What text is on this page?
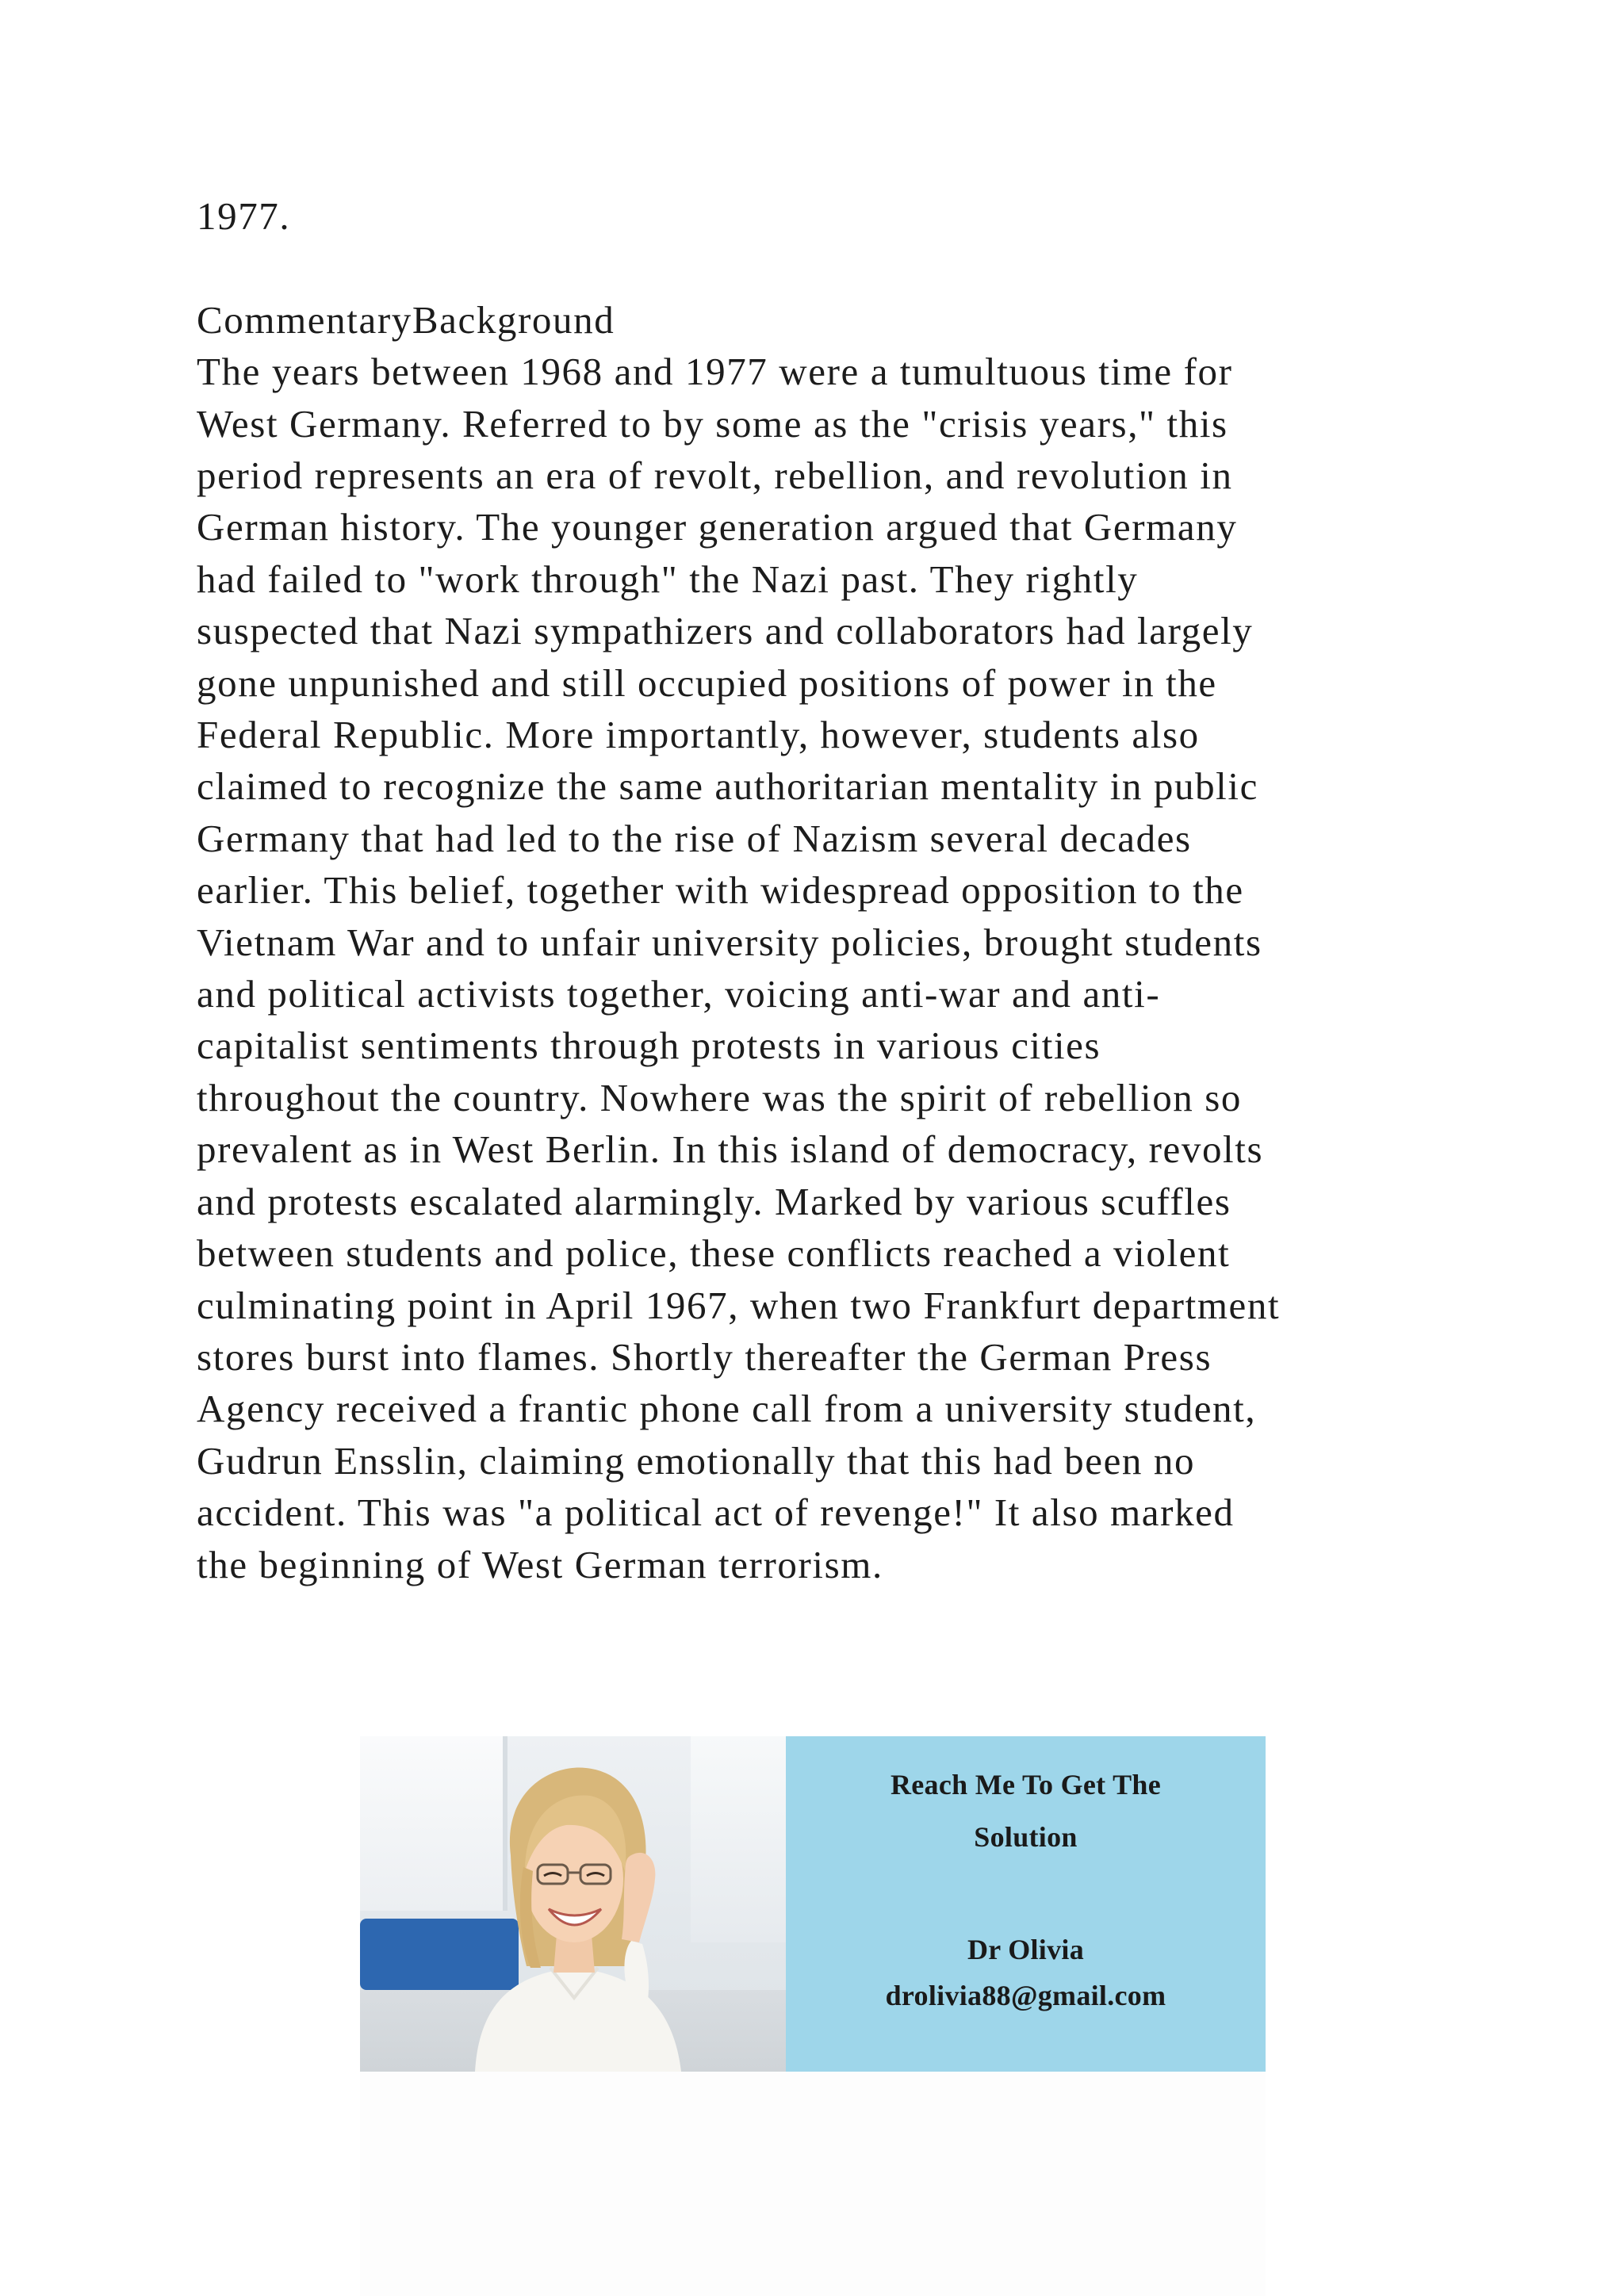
1977.
CommentaryBackground
The years between 1968 and 1977 were a tumultuous time for
West Germany. Referred to by some as the "crisis years," this
period represents an era of revolt, rebellion, and revolution in
German history. The younger generation argued that Germany
had failed to "work through" the Nazi past. They rightly
suspected that Nazi sympathizers and collaborators had largely
gone unpunished and still occupied positions of power in the
Federal Republic. More importantly, however, students also
claimed to recognize the same authoritarian mentality in public
Germany that had led to the rise of Nazism several decades
earlier. This belief, together with widespread opposition to the
Vietnam War and to unfair university policies, brought students
and political activists together, voicing anti-war and anti-
capitalist sentiments through protests in various cities
throughout the country. Nowhere was the spirit of rebellion so
prevalent as in West Berlin. In this island of democracy, revolts
and protests escalated alarmingly. Marked by various scuffles
between students and police, these conflicts reached a violent
culminating point in April 1967, when two Frankfurt department
stores burst into flames. Shortly thereafter the German Press
Agency received a frantic phone call from a university student,
Gudrun Ensslin, claiming emotionally that this had been no
accident. This was "a political act of revenge!" It also marked
the beginning of West German terrorism.
Reach Me To Get The
Solution
Dr Olivia
drolivia88@gmail.com
